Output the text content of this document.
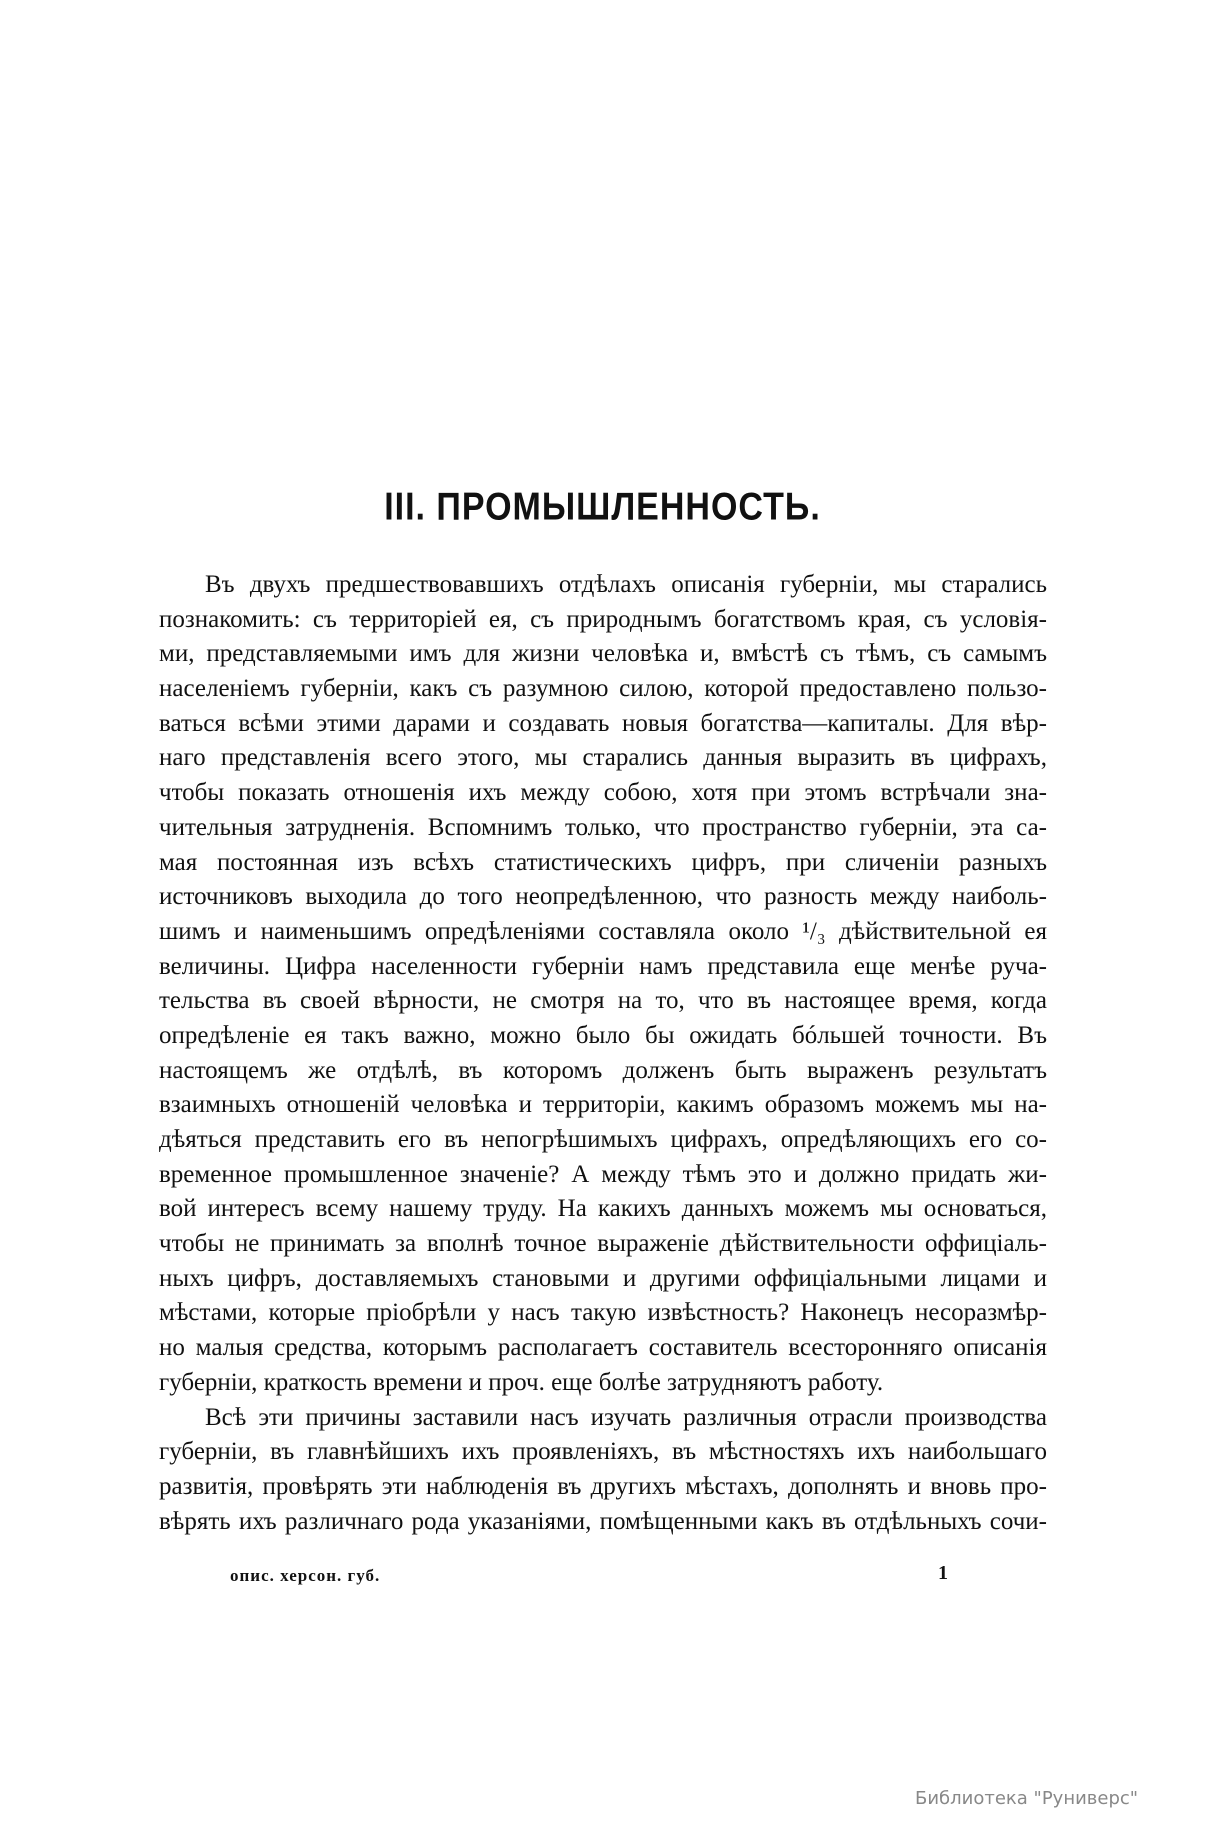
III. ПРОМЫШЛЕННОСТЬ.
Въ двухъ предшествовавшихъ отдѣлахъ описанія губерніи, мы старались
познакомить: съ территоріей ея, съ природнымъ богатствомъ края, съ условія-
ми, представляемыми имъ для жизни человѣка и, вмѣстѣ съ тѣмъ, съ самымъ
населеніемъ губерніи, какъ съ разумною силою, которой предоставлено пользо-
ваться всѣми этими дарами и создавать новыя богатства—капиталы. Для вѣр-
наго представленія всего этого, мы старались данныя выразить въ цифрахъ,
чтобы показать отношенія ихъ между собою, хотя при этомъ встрѣчали зна-
чительныя затрудненія. Вспомнимъ только, что пространство губерніи, эта са-
мая постоянная изъ всѣхъ статистическихъ цифръ, при сличеніи разныхъ
источниковъ выходила до того неопредѣленною, что разность между наиболь-
шимъ и наименьшимъ опредѣленіями составляла около ¹/₃ дѣйствительной ея
величины. Цифра населенности губерніи намъ представила еще менѣе руча-
тельства въ своей вѣрности, не смотря на то, что въ настоящее время, когда
опредѣленіе ея такъ важно, можно было бы ожидать бóльшей точности. Въ
настоящемъ же отдѣлѣ, въ которомъ долженъ быть выраженъ результатъ
взаимныхъ отношеній человѣка и территоріи, какимъ образомъ можемъ мы на-
дѣяться представить его въ непогрѣшимыхъ цифрахъ, опредѣляющихъ его со-
временное промышленное значеніе? А между тѣмъ это и должно придать жи-
вой интересъ всему нашему труду. На какихъ данныхъ можемъ мы основаться,
чтобы не принимать за вполнѣ точное выраженіе дѣйствительности оффиціаль-
ныхъ цифръ, доставляемыхъ становыми и другими оффиціальными лицами и
мѣстами, которые пріобрѣли у насъ такую извѣстность? Наконецъ несоразмѣр-
но малыя средства, которымъ располагаетъ составитель всесторонняго описанія
губерніи, краткость времени и проч. еще болѣе затрудняютъ работу.
Всѣ эти причины заставили насъ изучать различныя отрасли производства
губерніи, въ главнѣйшихъ ихъ проявленіяхъ, въ мѣстностяхъ ихъ наибольшаго
развитія, провѣрять эти наблюденія въ другихъ мѣстахъ, дополнять и вновь про-
вѣрять ихъ различнаго рода указаніями, помѣщенными какъ въ отдѣльныхъ сочи-
опис. херсон. губ.	1
Библиотека "Руниверс"
